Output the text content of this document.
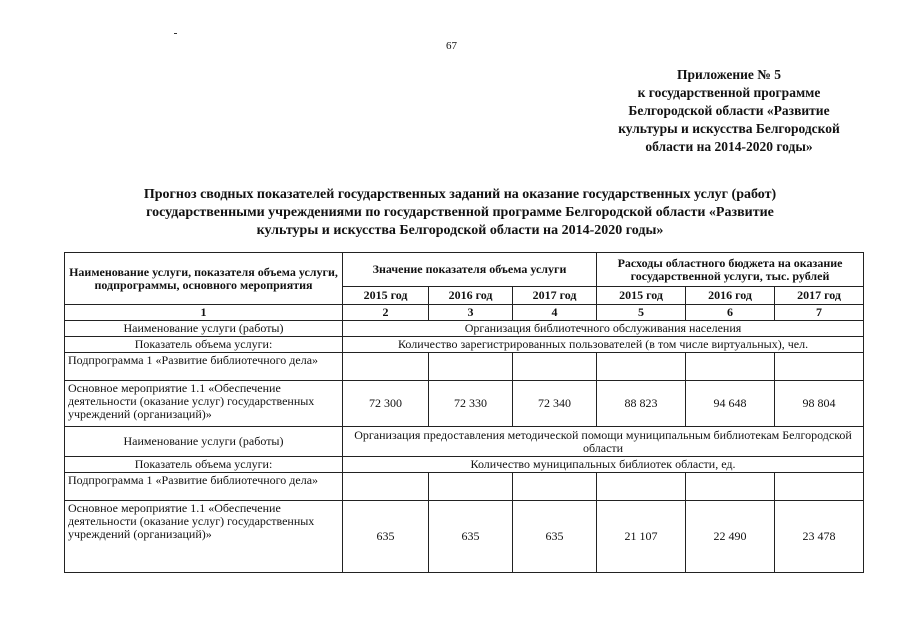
67
Приложение № 5
к государственной программе
Белгородской области «Развитие
культуры и искусства Белгородской
области на 2014-2020 годы»
Прогноз сводных показателей государственных заданий на оказание государственных услуг (работ)
государственными учреждениями по государственной программе Белгородской области «Развитие
культуры и искусства Белгородской области на 2014-2020 годы»
Наименование услуги, показателя объема услуги, подпрограммы, основного мероприятия	Значение показателя объема услуги			Расходы областного бюджета на оказание государственной услуги, тыс. рублей		
	2015 год	2016 год	2017 год	2015 год	2016 год	2017 год
1	2	3	4	5	6	7
Наименование услуги (работы)	Организация библиотечного обслуживания населения					
Показатель объема услуги:	Количество зарегистрированных пользователей (в том числе виртуальных), чел.					
Подпрограмма 1 «Развитие библиотечного дела»						
Основное мероприятие 1.1 «Обеспечение деятельности (оказание услуг) государственных учреждений (организаций)»	72 300	72 330	72 340	88 823	94 648	98 804
Наименование услуги (работы)	Организация предоставления методической помощи муниципальным библиотекам Белгородской области					
Показатель объема услуги:	Количество муниципальных библиотек области, ед.					
Подпрограмма 1 «Развитие библиотечного дела»						
Основное мероприятие 1.1 «Обеспечение деятельности (оказание услуг) государственных учреждений (организаций)»	635	635	635	21 107	22 490	23 478
